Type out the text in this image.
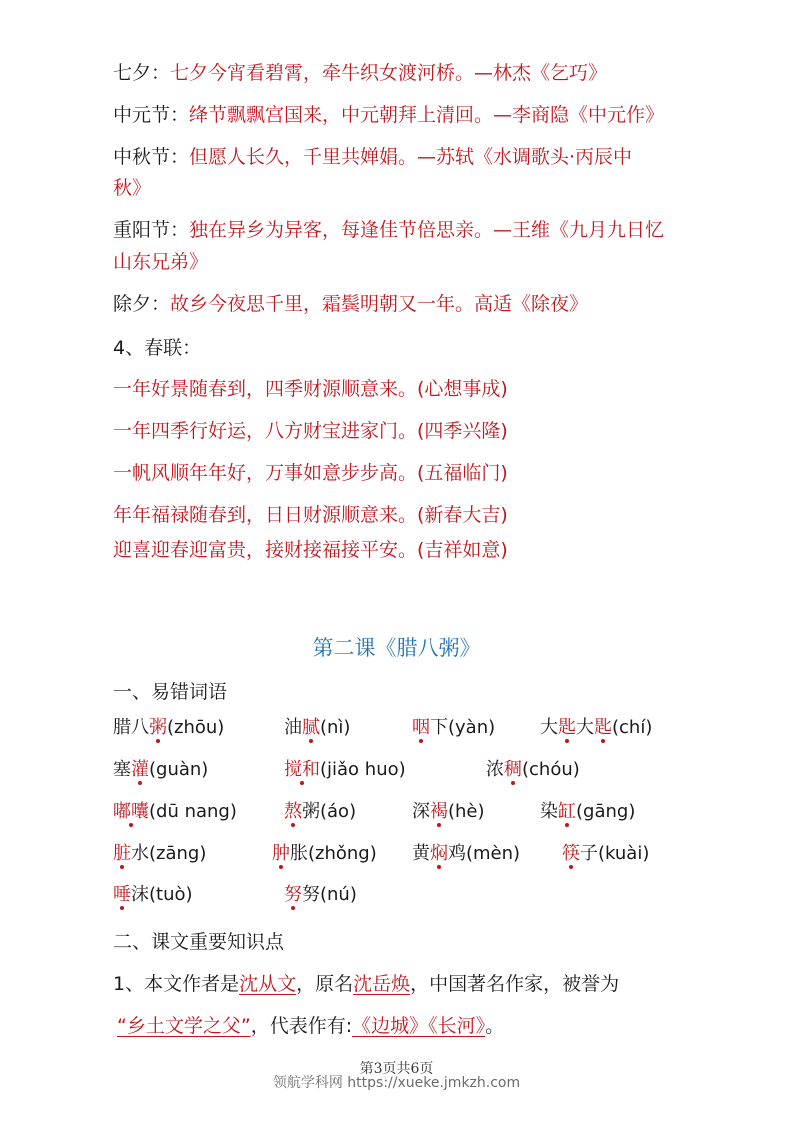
七夕：七夕今宵看碧霄，牵牛织女渡河桥。—林杰《乞巧》
中元节：绛节飘飘宫国来，中元朝拜上清回。—李商隐《中元作》
中秋节：但愿人长久，千里共婵娟。—苏轼《水调歌头·丙辰中
秋》
重阳节：独在异乡为异客，每逢佳节倍思亲。—王维《九月九日忆
山东兄弟》
除夕：故乡今夜思千里，霜鬓明朝又一年。高适《除夜》
4、春联：
一年好景随春到，四季财源顺意来。(心想事成)
一年四季行好运，八方财宝进家门。(四季兴隆)
一帆风顺年年好，万事如意步步高。(五福临门)
年年福禄随春到，日日财源顺意来。(新春大吉)
迎喜迎春迎富贵，接财接福接平安。(吉祥如意)
第二课《腊八粥》
一、易错词语
腊八粥(zhōu)	油腻(nì)	咽下(yàn) 大匙大匙(chí)
塞灌(guàn)	搅和(jiǎo huo)	浓稠(chóu)
嘟囔(dū nang)	熬粥(áo)	深褐(hè)	染缸(gāng)
脏水(zāng)	肿胀(zhǒng) 黄焖鸡(mèn) 筷子(kuài)
唾沫(tuò)	努努(nú)
二、课文重要知识点
1、本文作者是沈从文，原名沈岳焕，中国著名作家，被誉为
“乡土文学之父”，代表作有:《边城》《长河》。
第3页共6页
领航学科网 https://xueke.jmkzh.com
